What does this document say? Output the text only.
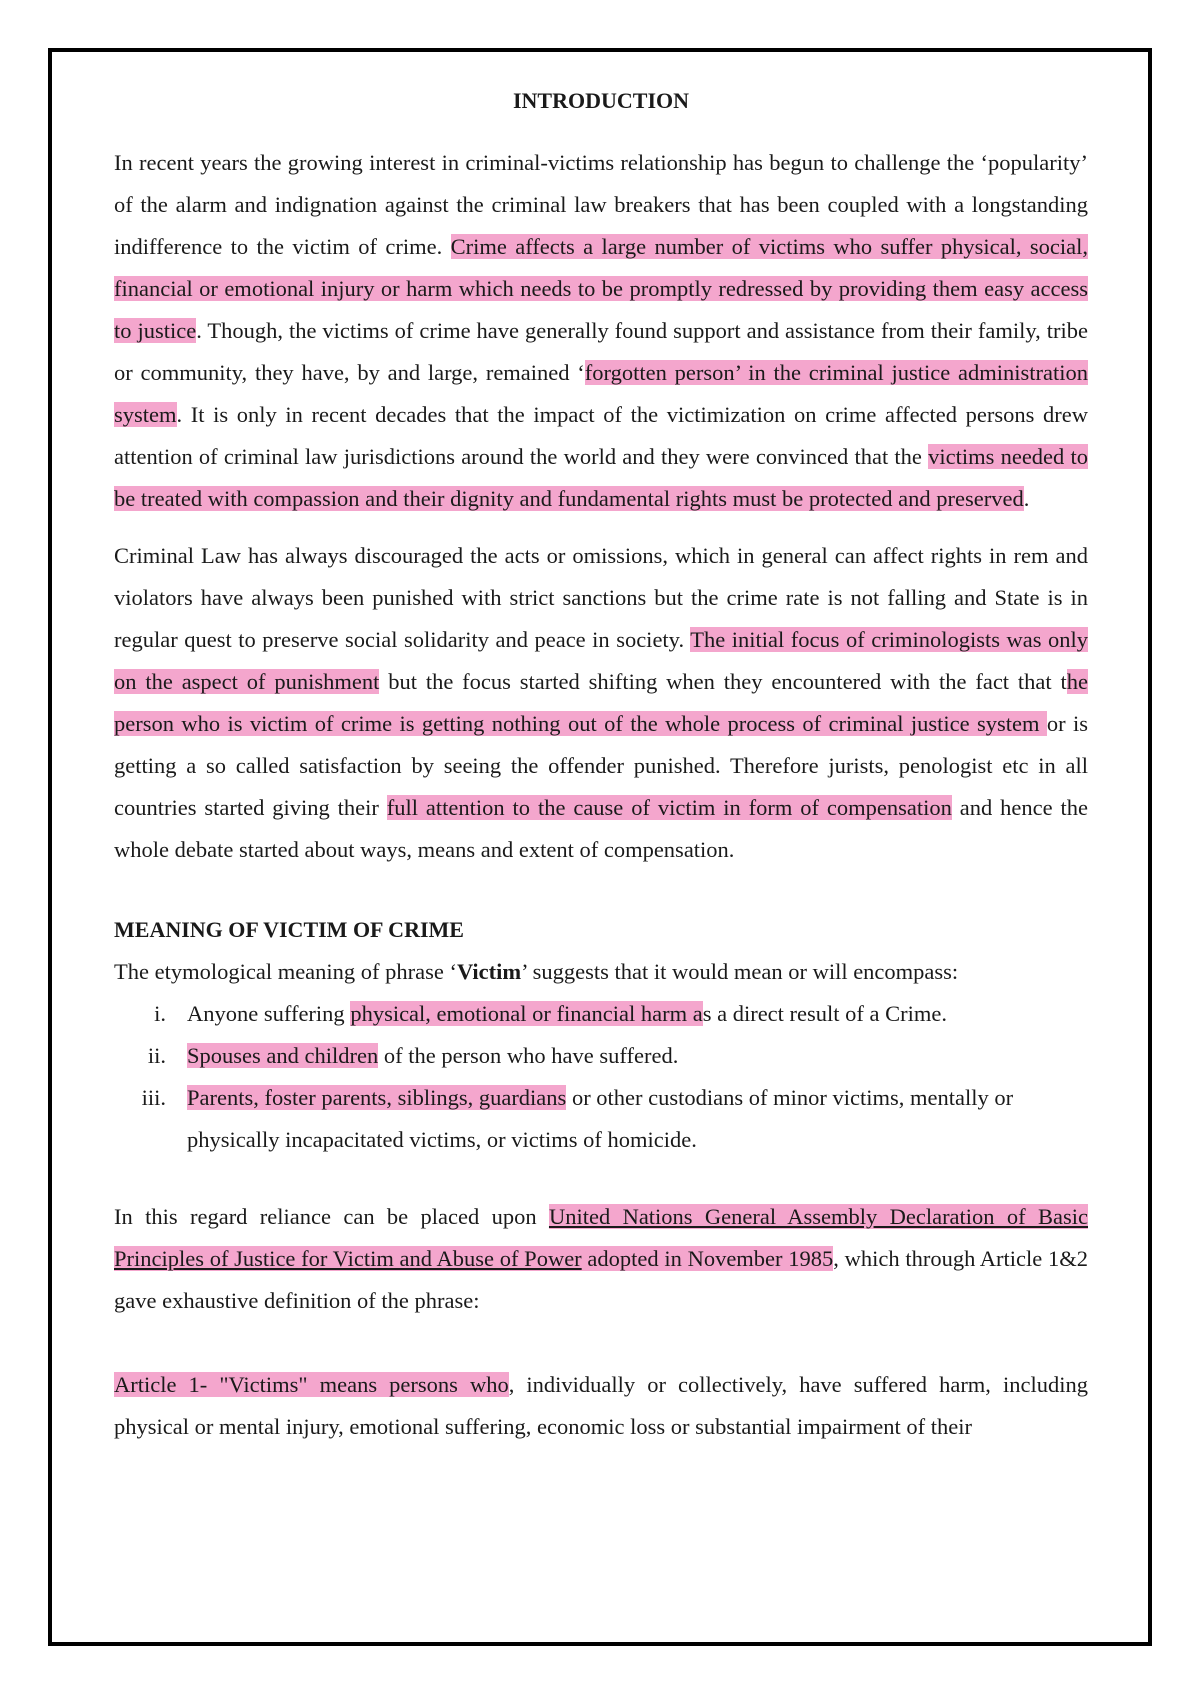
INTRODUCTION

In recent years the growing interest in criminal-victims relationship has begun to challenge the ‘popularity’ of the alarm and indignation against the criminal law breakers that has been coupled with a longstanding indifference to the victim of crime. Crime affects a large number of victims who suffer physical, social, financial or emotional injury or harm which needs to be promptly redressed by providing them easy access to justice. Though, the victims of crime have generally found support and assistance from their family, tribe or community, they have, by and large, remained ‘forgotten person’ in the criminal justice administration system. It is only in recent decades that the impact of the victimization on crime affected persons drew attention of criminal law jurisdictions around the world and they were convinced that the victims needed to be treated with compassion and their dignity and fundamental rights must be protected and preserved.

Criminal Law has always discouraged the acts or omissions, which in general can affect rights in rem and violators have always been punished with strict sanctions but the crime rate is not falling and State is in regular quest to preserve social solidarity and peace in society. The initial focus of criminologists was only on the aspect of punishment but the focus started shifting when they encountered with the fact that the person who is victim of crime is getting nothing out of the whole process of criminal justice system or is getting a so called satisfaction by seeing the offender punished. Therefore jurists, penologist etc in all countries started giving their full attention to the cause of victim in form of compensation and hence the whole debate started about ways, means and extent of compensation.

MEANING OF VICTIM OF CRIME

The etymological meaning of phrase ‘Victim’ suggests that it would mean or will encompass:

i. Anyone suffering physical, emotional or financial harm as a direct result of a Crime.
ii. Spouses and children of the person who have suffered.
iii. Parents, foster parents, siblings, guardians or other custodians of minor victims, mentally or physically incapacitated victims, or victims of homicide.

In this regard reliance can be placed upon United Nations General Assembly Declaration of Basic Principles of Justice for Victim and Abuse of Power adopted in November 1985, which through Article 1&2 gave exhaustive definition of the phrase:

Article 1- "Victims" means persons who, individually or collectively, have suffered harm, including physical or mental injury, emotional suffering, economic loss or substantial impairment of their
